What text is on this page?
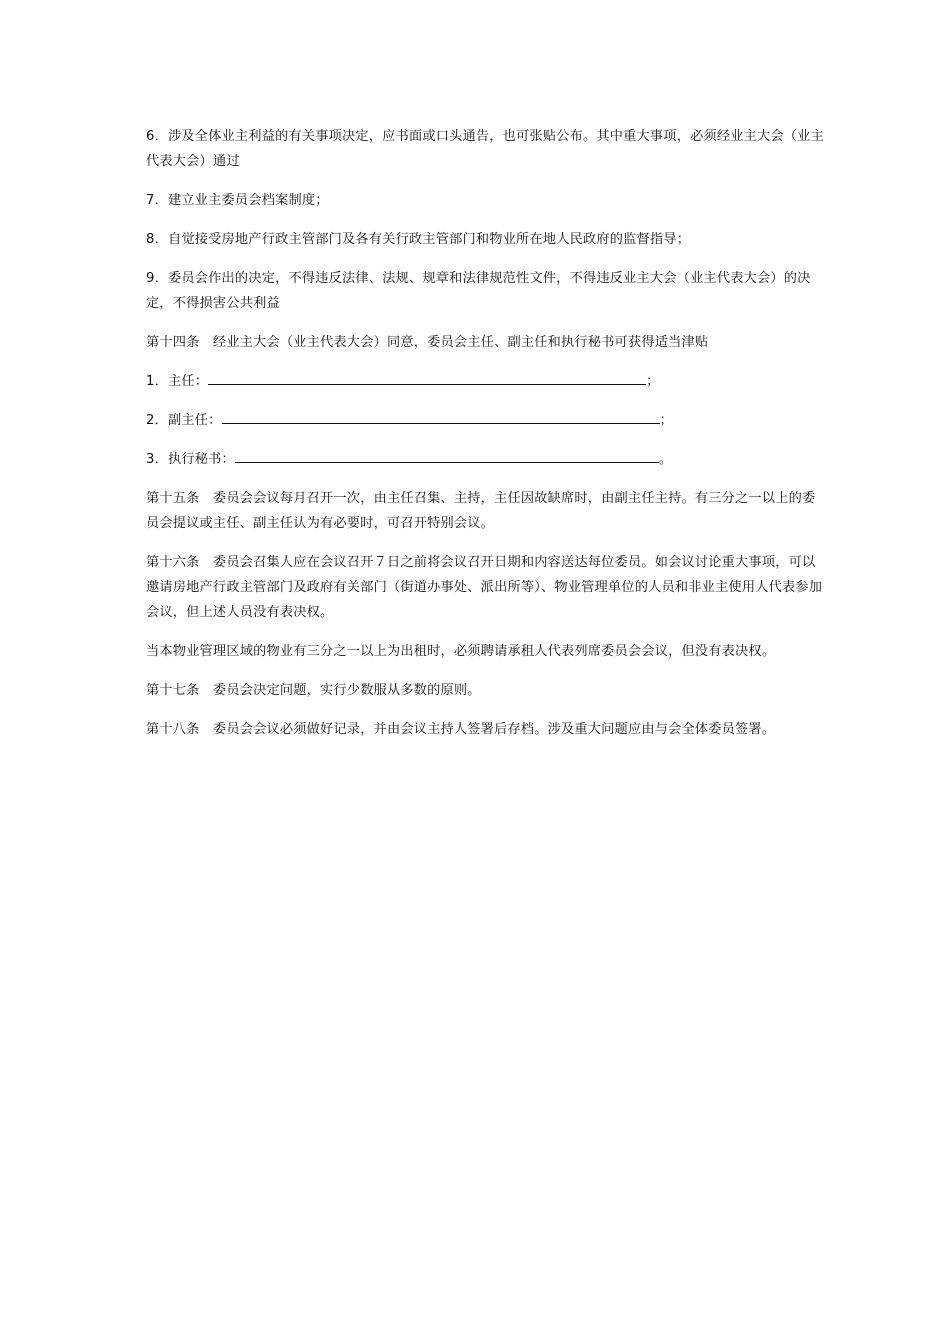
6．涉及全体业主利益的有关事项决定，应书面或口头通告，也可张贴公布。其中重大事项，必须经业主大会（业主代表大会）通过

7．建立业主委员会档案制度；

8．自觉接受房地产行政主管部门及各有关行政主管部门和物业所在地人民政府的监督指导；

9．委员会作出的决定，不得违反法律、法规、规章和法律规范性文件，不得违反业主大会（业主代表大会）的决定，不得损害公共利益

第十四条　经业主大会（业主代表大会）同意，委员会主任、副主任和执行秘书可获得适当津贴

1．主任：	；

2．副主任：	；

3．执行秘书：	。

第十五条　委员会会议每月召开一次，由主任召集、主持，主任因故缺席时，由副主任主持。有三分之一以上的委员会提议或主任、副主任认为有必要时，可召开特别会议。

第十六条　委员会召集人应在会议召开７日之前将会议召开日期和内容送达每位委员。如会议讨论重大事项，可以邀请房地产行政主管部门及政府有关部门（街道办事处、派出所等）、物业管理单位的人员和非业主使用人代表参加会议，但上述人员没有表决权。

当本物业管理区域的物业有三分之一以上为出租时，必须聘请承租人代表列席委员会会议，但没有表决权。

第十七条　委员会决定问题，实行少数服从多数的原则。

第十八条　委员会会议必须做好记录，并由会议主持人签署后存档。涉及重大问题应由与会全体委员签署。
